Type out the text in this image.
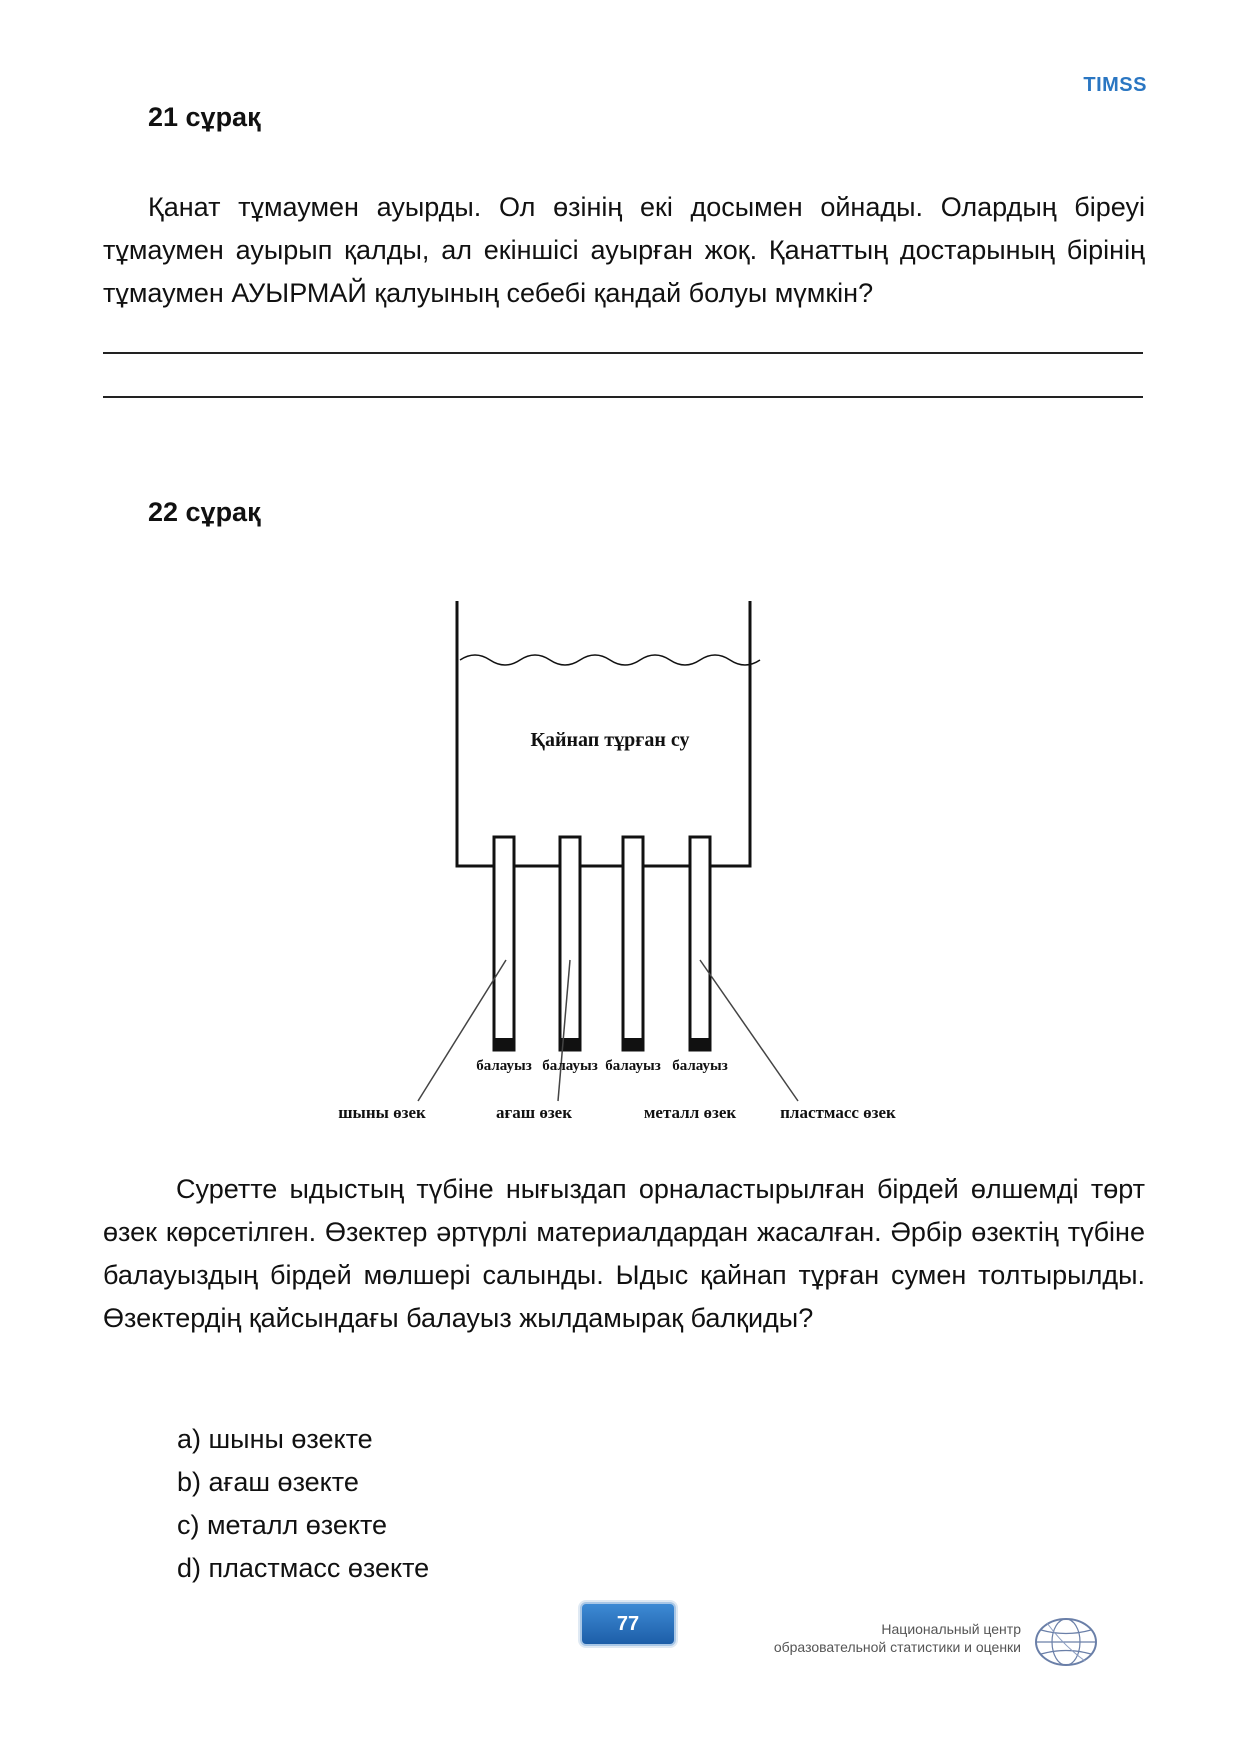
TIMSS
21 сұрақ
Қанат тұмаумен ауырды. Ол өзінің екі досымен ойнады. Олардың біреуі тұмаумен ауырып қалды, ал екіншісі ауырған жоқ. Қанаттың достарының бірінің тұмаумен АУЫРМАЙ қалуының себебі қандай болуы мүмкін?
22 сұрақ
Қайнап тұрған су
балауыз балауыз балауыз балауыз
шыны өзек	ағаш өзек	металл өзек	пластмасс өзек
Суретте ыдыстың түбіне нығыздап орналастырылған бірдей өлшемді төрт өзек көрсетілген. Өзектер әртүрлі материалдардан жасалған. Әрбір өзектің түбіне балауыздың бірдей мөлшері салынды. Ыдыс қайнап тұрған сумен толтырылды. Өзектердің қайсындағы балауыз жылдамырақ балқиды?
a) шыны өзекте
b) ағаш өзекте
c) металл өзекте
d) пластмасс өзекте
77	Национальный центр
образовательной статистики и оценки
